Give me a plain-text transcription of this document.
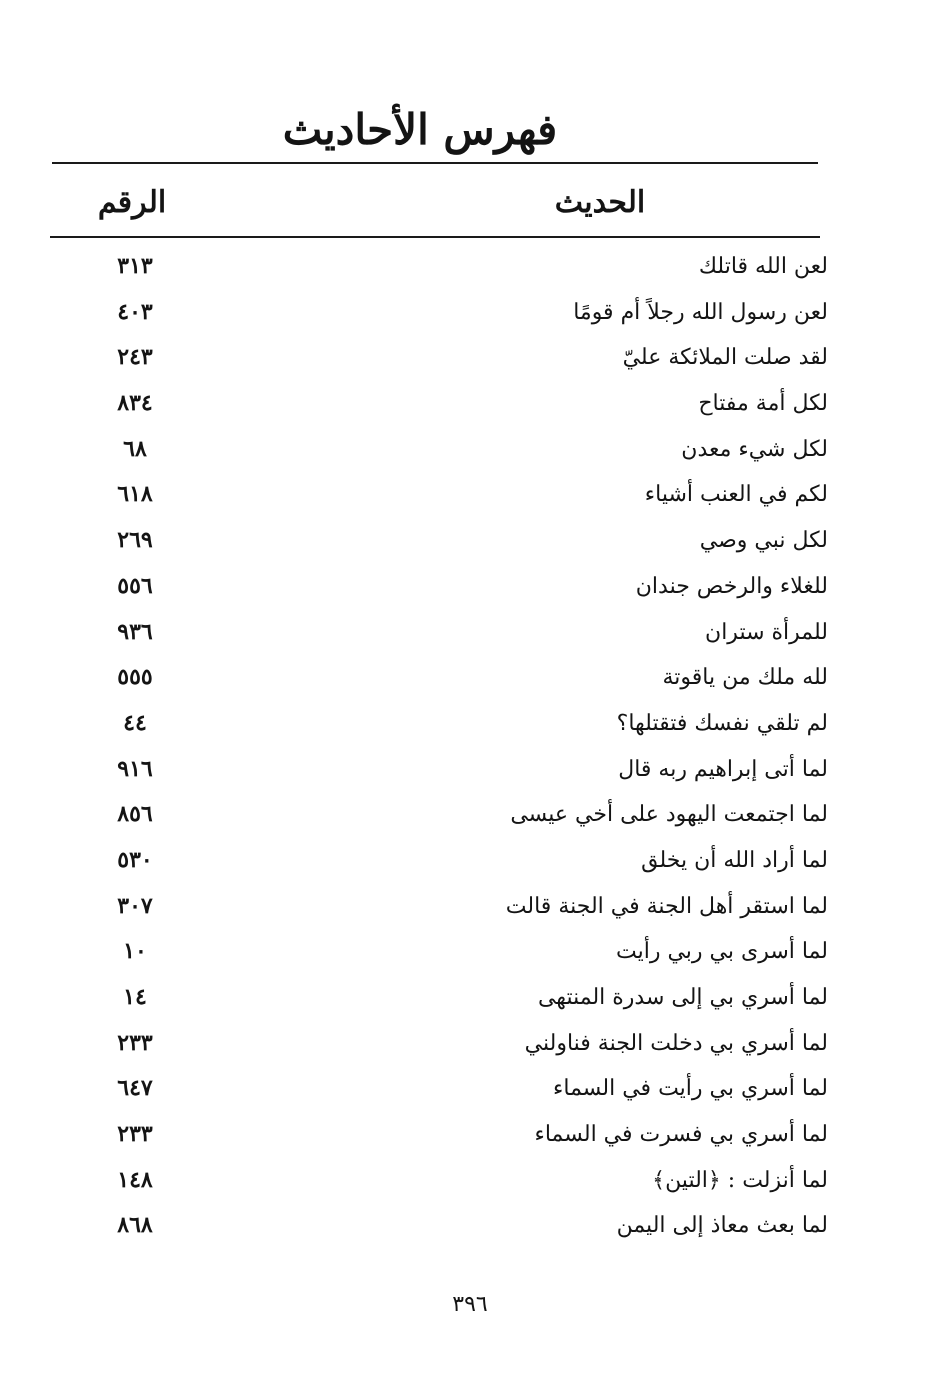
فهرس الأحاديث
الحديث
الرقم
لعن الله قاتلك
٣١٣
لعن رسول الله رجلاً أم قومًا
٤٠٣
لقد صلت الملائكة عليّ
٢٤٣
لكل أمة مفتاح
٨٣٤
لكل شيء معدن
٦٨
لكم في العنب أشياء
٦١٨
لكل نبي وصي
٢٦٩
للغلاء والرخص جندان
٥٥٦
للمرأة ستران
٩٣٦
لله ملك من ياقوتة
٥٥٥
لم تلقي نفسك فتقتلها؟
٤٤
لما أتى إبراهيم ربه قال
٩١٦
لما اجتمعت اليهود على أخي عيسى
٨٥٦
لما أراد الله أن يخلق
٥٣٠
لما استقر أهل الجنة في الجنة قالت
٣٠٧
لما أسرى بي ربي رأيت
١٠
لما أسري بي إلى سدرة المنتهى
١٤
لما أسري بي دخلت الجنة فناولني
٢٣٣
لما أسري بي رأيت في السماء
٦٤٧
لما أسري بي فسرت في السماء
٢٣٣
لما أنزلت : ﴿التين﴾
١٤٨
لما بعث معاذ إلى اليمن
٨٦٨
٣٩٦
